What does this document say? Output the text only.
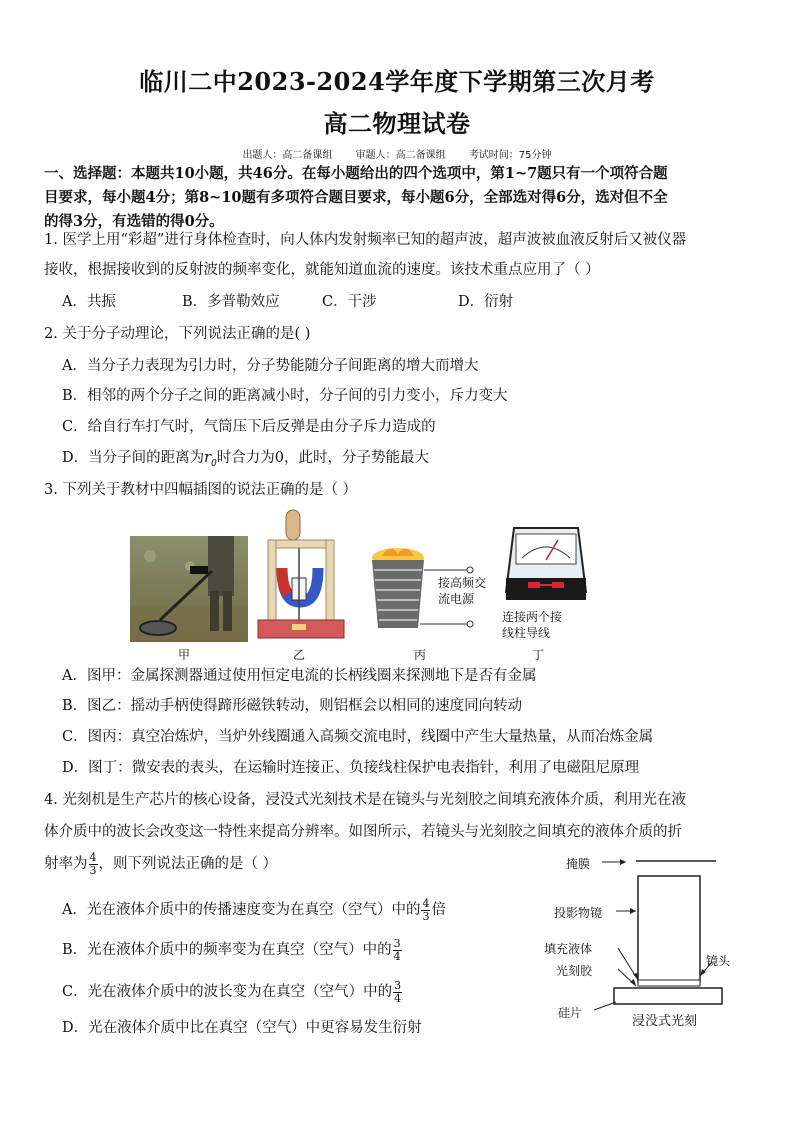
临川二中2023-2024学年度下学期第三次月考
高二物理试卷
出题人：高二备课组 审题人：高二备课组 考试时间：75分钟
一、选择题：本题共10小题，共46分。在每小题给出的四个选项中，第1~7题只有一个项符合题
目要求，每小题4分；第8~10题有多项符合题目要求，每小题6分，全部选对得6分，选对但不全
的得3分，有选错的得0分。
1. 医学上用“彩超”进行身体检查时，向人体内发射频率已知的超声波，超声波被血液反射后又被仪器
接收，根据接收到的反射波的频率变化，就能知道血流的速度。该技术重点应用了（ ）
A．共振	B．多普勒效应	C．干涉	D．衍射
2. 关于分子动理论，下列说法正确的是( )
A．当分子力表现为引力时，分子势能随分子间距离的增大而增大
B．相邻的两个分子之间的距离减小时，分子间的引力变小，斥力变大
C．给自行车打气时，气筒压下后反弹是由分子斥力造成的
D．当分子间的距离为$r_0$时合力为0，此时，分子势能最大
3. 下列关于教材中四幅插图的说法正确的是（ ）
甲	乙
接高频交
流电源
丙
连接两个接
线柱导线
丁
A．图甲：金属探测器通过使用恒定电流的长柄线圈来探测地下是否有金属
B．图乙：摇动手柄使得蹄形磁铁转动，则铝框会以相同的速度同向转动
C．图丙：真空冶炼炉，当炉外线圈通入高频交流电时，线圈中产生大量热量，从而冶炼金属
D．图丁：微安表的表头，在运输时连接正、负接线柱保护电表指针，利用了电磁阻尼原理
4. 光刻机是生产芯片的核心设备，浸没式光刻技术是在镜头与光刻胶之间填充液体介质，利用光在液
体介质中的波长会改变这一特性来提高分辨率。如图所示，若镜头与光刻胶之间填充的液体介质的折
射率为 $\frac{4}{3}$ ，则下列说法正确的是（ ）
A．光在液体介质中的传播速度变为在真空（空气）中的 $\frac{4}{3}$ 倍
B．光在液体介质中的频率变为在真空（空气）中的 $\frac{3}{4}$
C．光在液体介质中的波长变为在真空（空气）中的 $\frac{3}{4}$
D．光在液体介质中比在真空（空气）中更容易发生衍射
掩膜
投影物镜
填充液体
光刻胶
镜头
硅片
浸没式光刻
